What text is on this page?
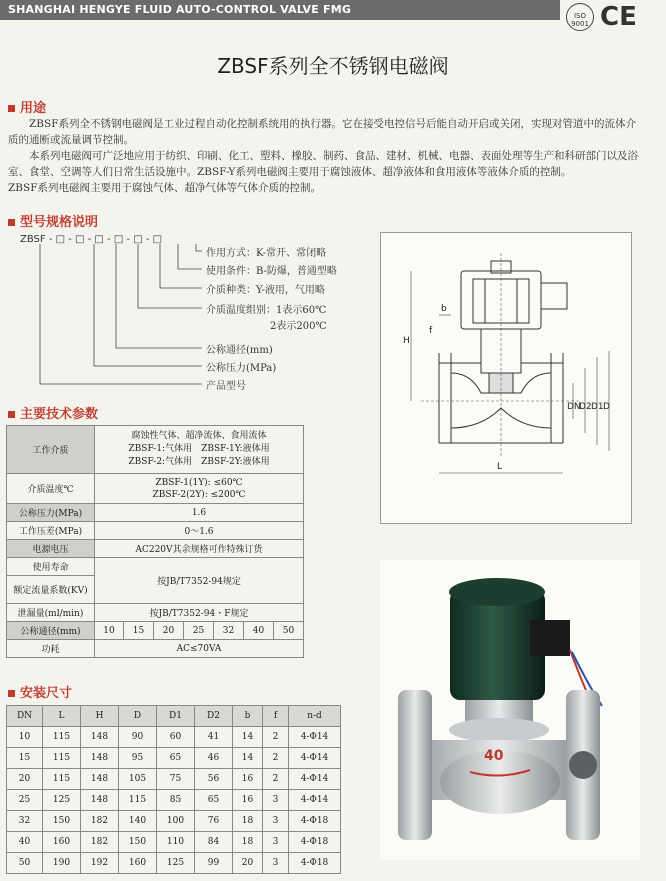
SHANGHAI HENGYE FLUID AUTO-CONTROL VALVE FMG	ISO 9001 CE
ZBSF系列全不锈钢电磁阀
用途

ZBSF系列全不锈钢电磁阀是工业过程自动化控制系统用的执行器。它在接受电控信号后能自动开启或关闭，实现对管道中的流体介质的通断或流量调节控制。

本系列电磁阀可广泛地应用于纺织、印刷、化工、塑料、橡胶、制药、食品、建材、机械、电器、表面处理等生产和科研部门以及浴室、食堂、空调等人们日常生活设施中。ZBSF-Y系列电磁阀主要用于腐蚀液体、超净液体和食用液体等液体介质的控制。

ZBSF系列电磁阀主要用于腐蚀气体、超净气体等气体介质的控制。

型号规格说明
ZBSF - □ - □ - □ - □ - □ - □
作用方式：K-常开、常闭略
使用条件：B-防爆，普通型略
介质种类：Y-液用，气用略
介质温度组别：1表示60℃
2表示200℃
公称通径(mm)
公称压力(MPa)
产品型号
主要技术参数
工作介质	腐蚀性气体、超净流体、食用流体
ZBSF-1:气体用　ZBSF-1Y:液体用
ZBSF-2:气体用　ZBSF-2Y:液体用						

介质温度℃	ZBSF-1(1Y): ≤60℃
ZBSF-2(2Y): ≤200℃						

公称压力(MPa)	1.6						
工作压差(MPa)	0～1.6						
电源电压	AC220V其余规格可作特殊订货						
使用寿命	按JB/T7352-94规定						
额定流量系数(KV)							
泄漏量(ml/min)	按JB/T7352-94・F规定						
公称通径(mm)	10	15	20	25	32	40	50
功耗	AC≤70VA						
安装尺寸
DN	L	H	D	D1	D2	b	f	n-d
10	115	148	90	60	41	14	2	4-Φ14
15	115	148	95	65	46	14	2	4-Φ14
20	115	148	105	75	56	16	2	4-Φ14
25	125	148	115	85	65	16	3	4-Φ14
32	150	182	140	100	76	18	3	4-Φ18
40	160	182	150	110	84	18	3	4-Φ18
50	190	192	160	125	99	20	3	4-Φ18
H
b
f
DN
D2 D1 D
L
40
